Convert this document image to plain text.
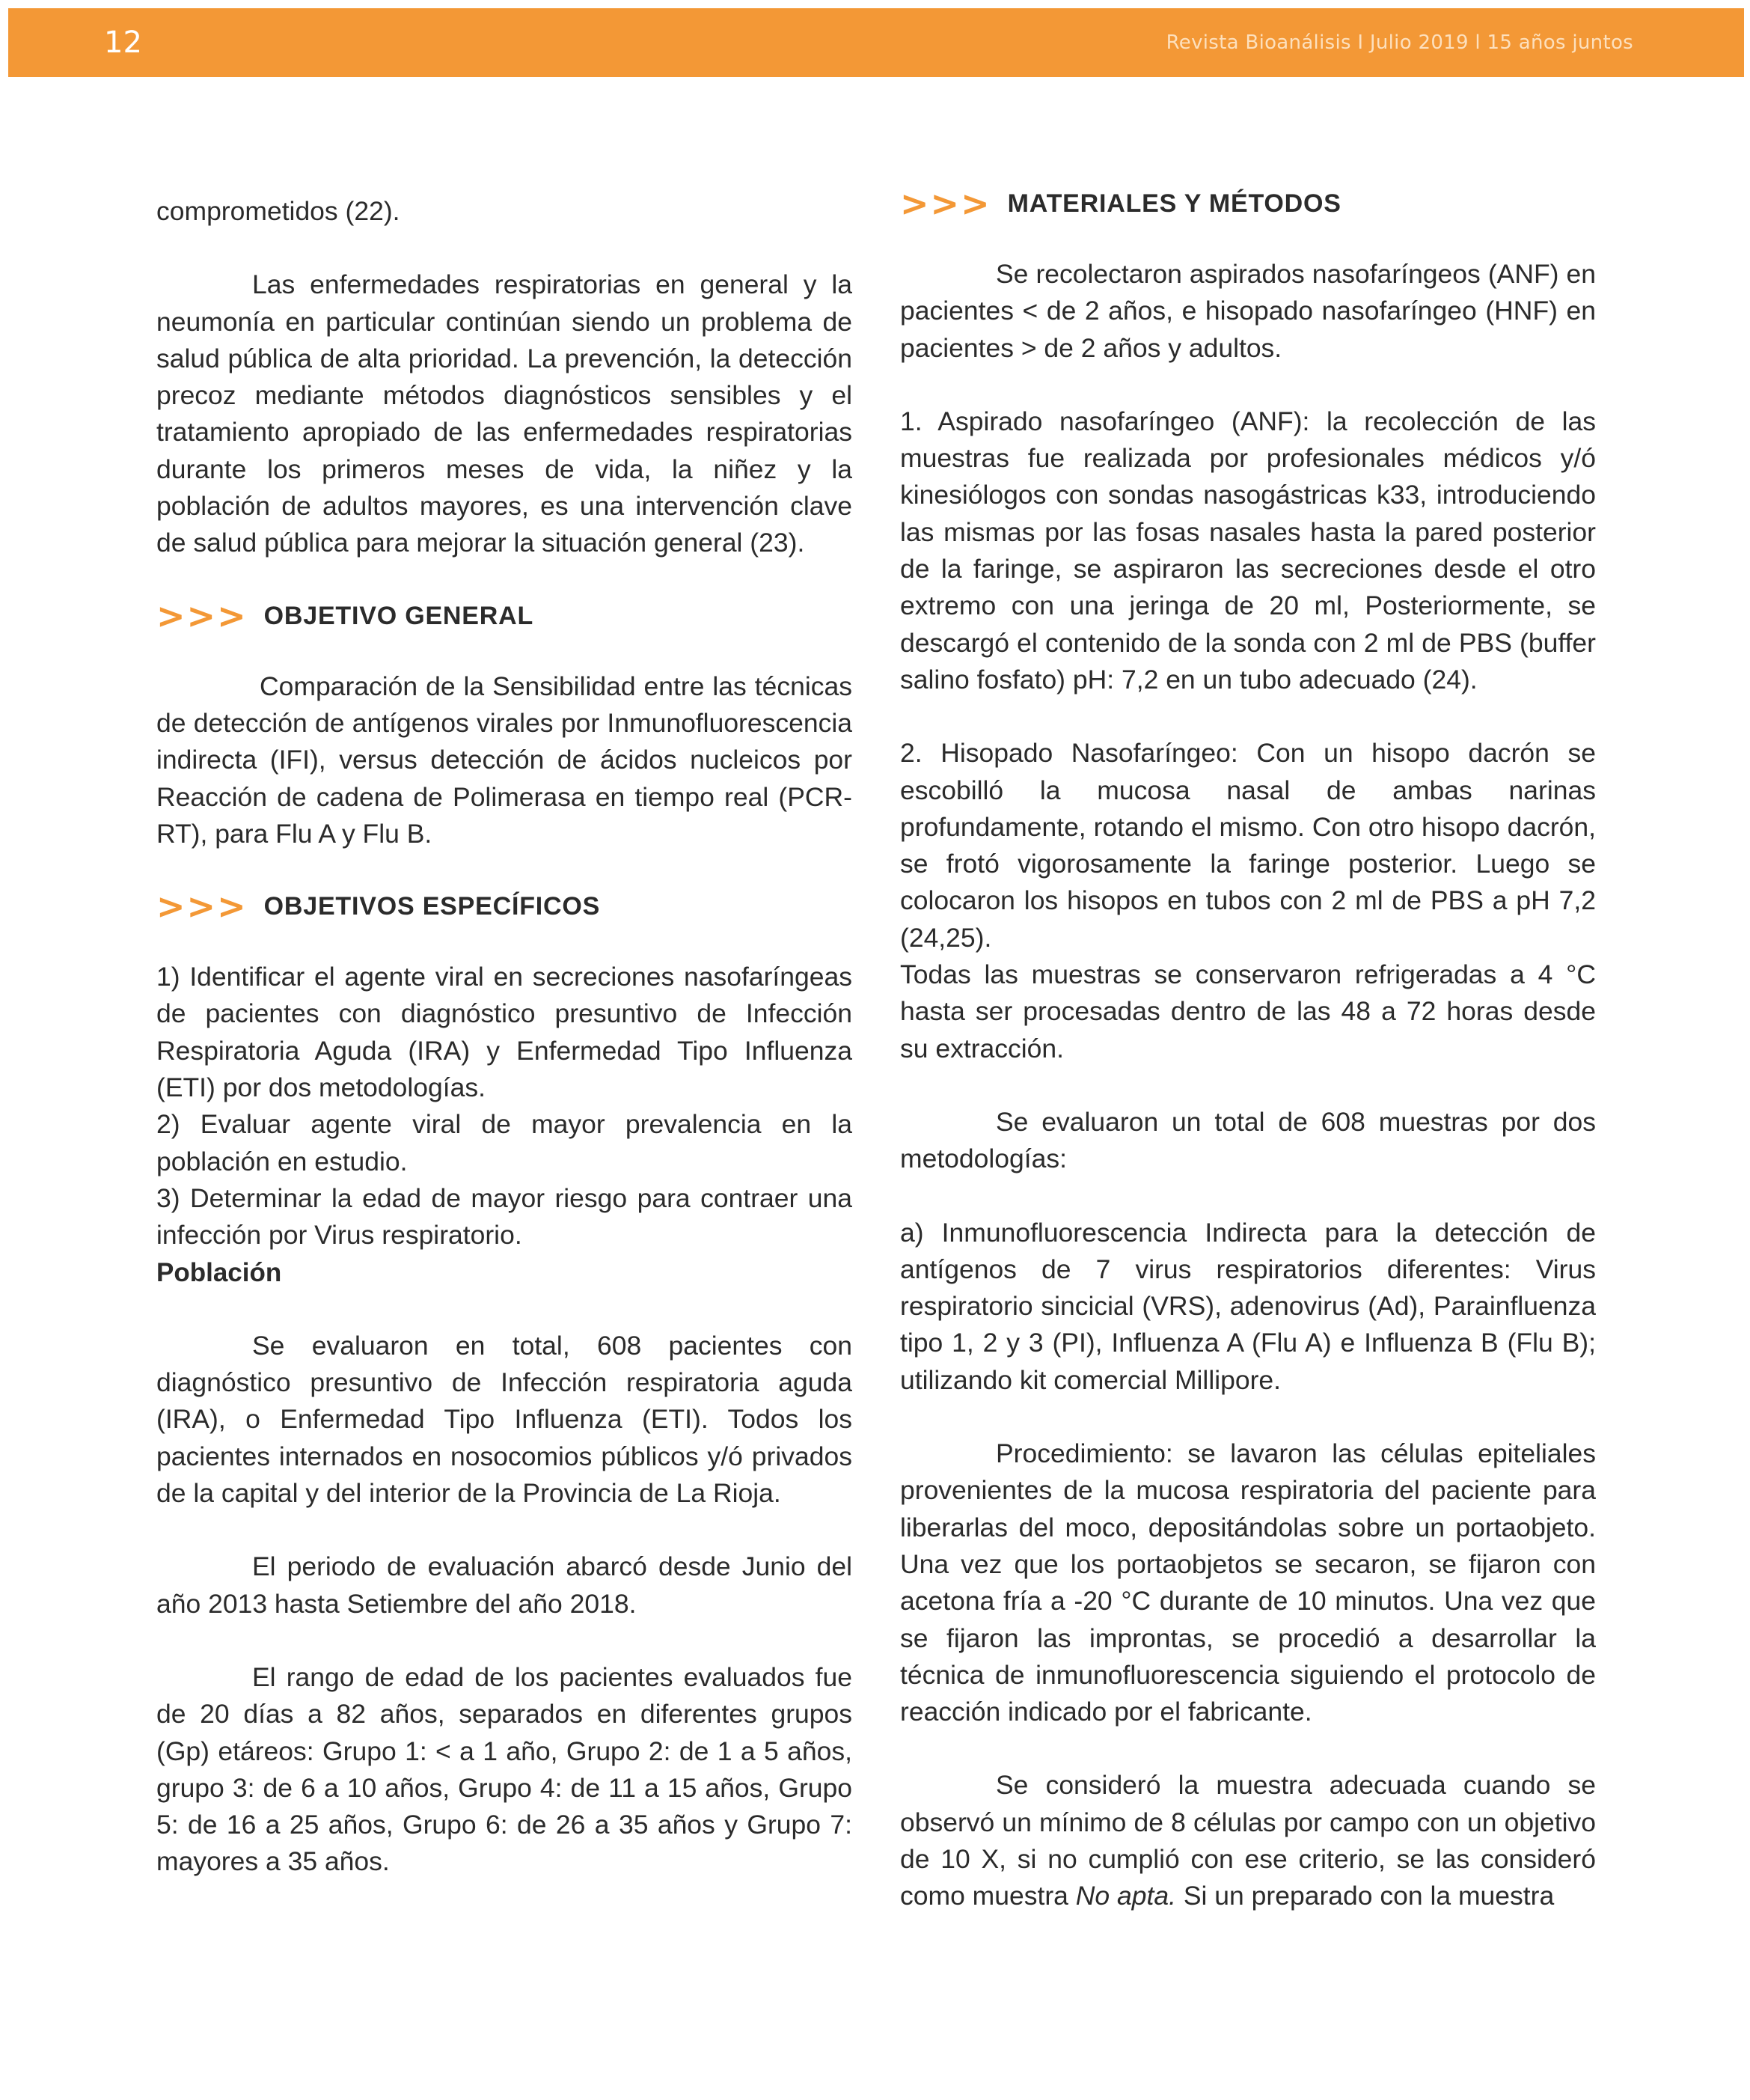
12	Revista Bioanálisis I Julio 2019 l 15 años juntos

comprometidos (22).

Las enfermedades respiratorias en general y la neumonía en particular continúan siendo un problema de salud pública de alta prioridad. La prevención, la detección precoz mediante métodos diagnósticos sensibles y el tratamiento apropiado de las enfermedades respiratorias durante los primeros meses de vida, la niñez y la población de adultos mayores, es una intervención clave de salud pública para mejorar la situación general (23).

>>> OBJETIVO GENERAL

Comparación de la Sensibilidad entre las técnicas de detección de antígenos virales por Inmunofluorescencia indirecta (IFI), versus detección de ácidos nucleicos por Reacción de cadena de Polimerasa en tiempo real (PCR-RT), para Flu A y Flu B.

>>> OBJETIVOS ESPECÍFICOS

1) Identificar el agente viral en secreciones nasofaríngeas de pacientes con diagnóstico presuntivo de Infección Respiratoria Aguda (IRA) y Enfermedad Tipo Influenza (ETI) por dos metodologías.

2) Evaluar agente viral de mayor prevalencia en la población en estudio.

3) Determinar la edad de mayor riesgo para contraer una infección por Virus respiratorio.

Población

Se evaluaron en total, 608 pacientes con diagnóstico presuntivo de Infección respiratoria aguda (IRA), o Enfermedad Tipo Influenza (ETI). Todos los pacientes internados en nosocomios públicos y/ó privados de la capital y del interior de la Provincia de La Rioja.

El periodo de evaluación abarcó desde Junio del año 2013 hasta Setiembre del año 2018.

El rango de edad de los pacientes evaluados fue de 20 días a 82 años, separados en diferentes grupos (Gp) etáreos: Grupo 1: < a 1 año, Grupo 2: de 1 a 5 años, grupo 3: de 6 a 10 años, Grupo 4: de 11 a 15 años, Grupo 5: de 16 a 25 años, Grupo 6: de 26 a 35 años y Grupo 7: mayores a 35 años.

>>> MATERIALES Y MÉTODOS

Se recolectaron aspirados nasofaríngeos (ANF) en pacientes < de 2 años, e hisopado nasofaríngeo (HNF) en pacientes > de 2 años y adultos.

1. Aspirado nasofaríngeo (ANF): la recolección de las muestras fue realizada por profesionales médicos y/ó kinesiólogos con sondas nasogástricas k33, introduciendo las mismas por las fosas nasales hasta la pared posterior de la faringe, se aspiraron las secreciones desde el otro extremo con una jeringa de 20 ml, Posteriormente, se descargó el contenido de la sonda con 2 ml de PBS (buffer salino fosfato) pH: 7,2 en un tubo adecuado (24).

2. Hisopado Nasofaríngeo: Con un hisopo dacrón se escobilló la mucosa nasal de ambas narinas profundamente, rotando el mismo. Con otro hisopo dacrón, se frotó vigorosamente la faringe posterior. Luego se colocaron los hisopos en tubos con 2 ml de PBS a pH 7,2 (24,25).

Todas las muestras se conservaron refrigeradas a 4 °C hasta ser procesadas dentro de las 48 a 72 horas desde su extracción.

Se evaluaron un total de 608 muestras por dos metodologías:

a) Inmunofluorescencia Indirecta para la detección de antígenos de 7 virus respiratorios diferentes: Virus respiratorio sincicial (VRS), adenovirus (Ad), Parainfluenza tipo 1, 2 y 3 (PI), Influenza A (Flu A) e Influenza B (Flu B); utilizando kit comercial Millipore.

Procedimiento: se lavaron las células epiteliales provenientes de la mucosa respiratoria del paciente para liberarlas del moco, depositándolas sobre un portaobjeto. Una vez que los portaobjetos se secaron, se fijaron con acetona fría a -20 °C durante de 10 minutos. Una vez que se fijaron las improntas, se procedió a desarrollar la técnica de inmunofluorescencia siguiendo el protocolo de reacción indicado por el fabricante.

Se consideró la muestra adecuada cuando se observó un mínimo de 8 células por campo con un objetivo de 10 X, si no cumplió con ese criterio, se las consideró como muestra No apta. Si un preparado con la muestra
